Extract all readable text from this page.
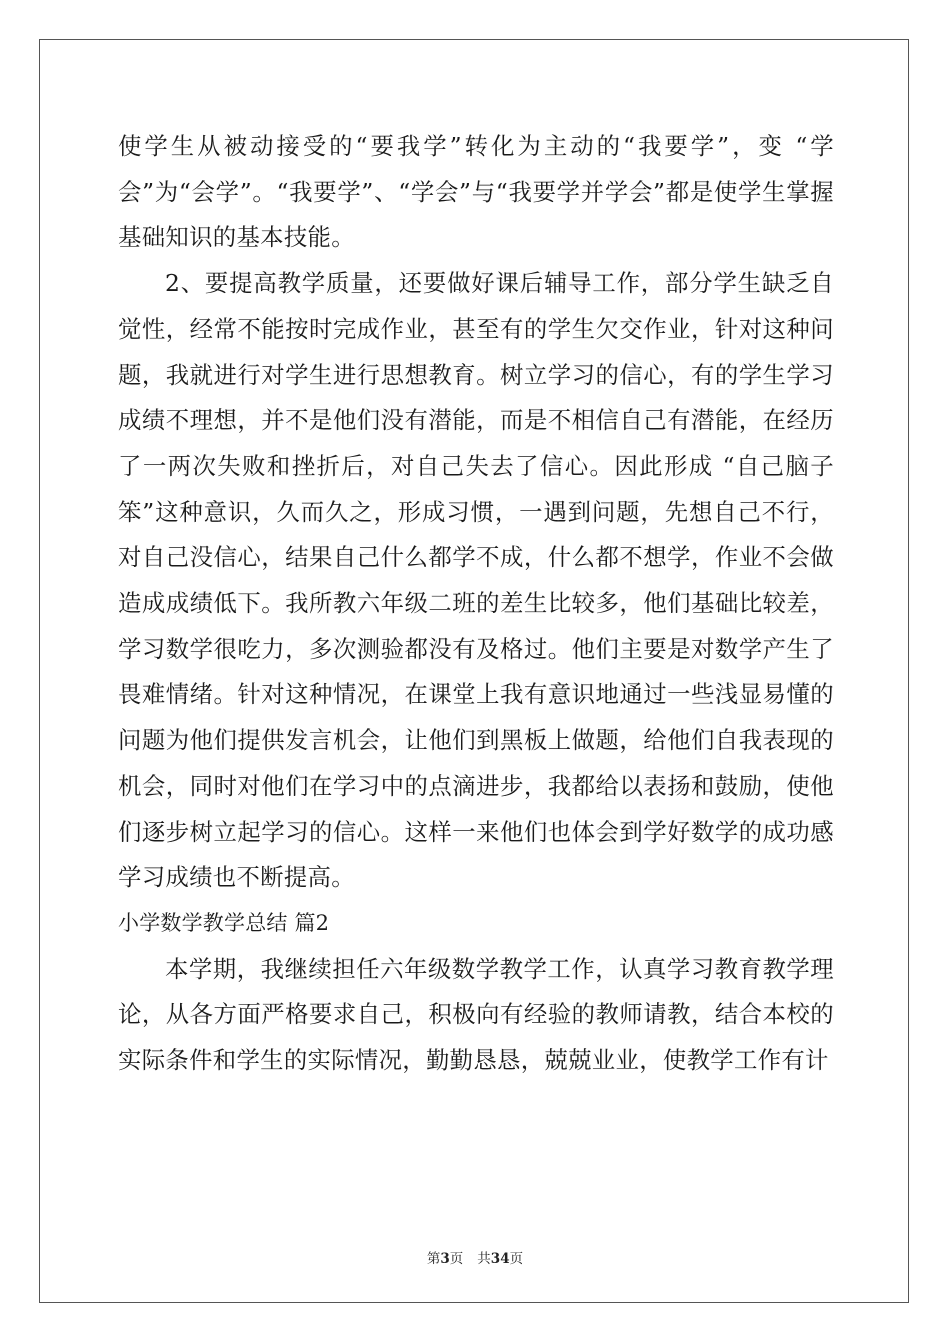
使学生从被动接受的“要我学”转化为主动的“我要学”，变 “学会”为“会学”。“我要学”、“学会”与“我要学并学会”都是使学生掌握基础知识的基本技能。

2、要提高教学质量，还要做好课后辅导工作，部分学生缺乏自觉性，经常不能按时完成作业，甚至有的学生欠交作业，针对这种问题，我就进行对学生进行思想教育。树立学习的信心，有的学生学习成绩不理想，并不是他们没有潜能，而是不相信自己有潜能，在经历了一两次失败和挫折后，对自己失去了信心。因此形成 “自己脑子笨”这种意识，久而久之，形成习惯，一遇到问题，先想自己不行，对自己没信心，结果自己什么都学不成，什么都不想学，作业不会做造成成绩低下。我所教六年级二班的差生比较多，他们基础比较差，学习数学很吃力，多次测验都没有及格过。他们主要是对数学产生了畏难情绪。针对这种情况，在课堂上我有意识地通过一些浅显易懂的问题为他们提供发言机会，让他们到黑板上做题，给他们自我表现的机会，同时对他们在学习中的点滴进步，我都给以表扬和鼓励，使他们逐步树立起学习的信心。这样一来他们也体会到学好数学的成功感学习成绩也不断提高。

小学数学教学总结 篇2

本学期，我继续担任六年级数学教学工作，认真学习教育教学理论，从各方面严格要求自己，积极向有经验的教师请教，结合本校的实际条件和学生的实际情况，勤勤恳恳，兢兢业业，使教学工作有计

第3页 共34页
